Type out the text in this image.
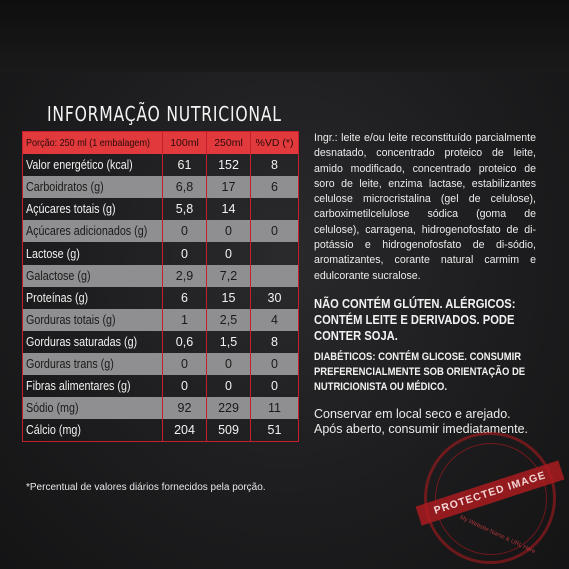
INFORMAÇÃO NUTRICIONAL
Porção: 250 ml (1 embalagem)	100ml	250ml	%VD (*)
Valor energético (kcal)	61	152	8
Carboidratos (g)	6,8	17	6
Açúcares totais (g)	5,8	14	
Açúcares adicionados (g)	0	0	0
Lactose (g)	0	0	
Galactose (g)	2,9	7,2	
Proteínas (g)	6	15	30
Gorduras totais (g)	1	2,5	4
Gorduras saturadas (g)	0,6	1,5	8
Gorduras trans (g)	0	0	0
Fibras alimentares (g)	0	0	0
Sódio (mg)	92	229	11
Cálcio (mg)	204	509	51
*Percentual de valores diários fornecidos pela porção.
Ingr.: leite e/ou leite reconstituído parcialmente desnatado, concentrado proteico de leite, amido modificado, concentrado proteico de soro de leite, enzima lactase, estabilizantes celulose microcristalina (gel de celulose), carboximetilcelulose sódica (goma de celulose), carragena, hidrogenofosfato de di-potássio e hidrogenofosfato de di-sódio, aromatizantes, corante natural carmim e edulcorante sucralose.
NÃO CONTÉM GLÚTEN. ALÉRGICOS: CONTÉM LEITE E DERIVADOS. PODE CONTER SOJA.
DIABÉTICOS: CONTÉM GLICOSE. CONSUMIR PREFERENCIALMENTE SOB ORIENTAÇÃO DE NUTRICIONISTA OU MÉDICO.
Conservar em local seco e arejado. Após aberto, consumir imediatamente.
PROTECTED IMAGE
My Website Name & URL Here
